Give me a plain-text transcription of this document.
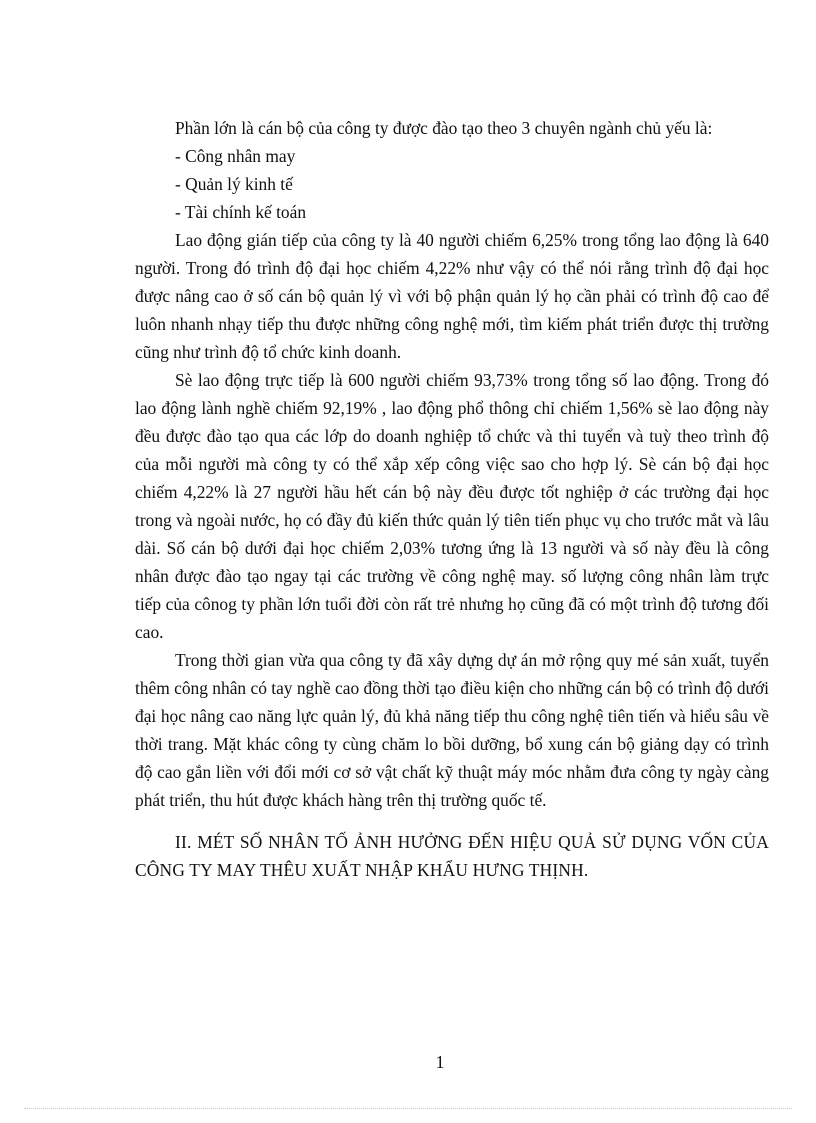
Phần lớn là cán bộ của công ty được đào tạo theo 3 chuyên ngành chủ yếu là:

- Công nhân may

- Quản lý kinh tế

- Tài chính kế toán

Lao động gián tiếp của công ty là 40 người chiếm 6,25% trong tổng lao động là 640 người. Trong đó trình độ đại học chiếm 4,22% như vậy có thể nói rằng trình độ đại học được nâng cao ở số cán bộ quản lý vì với bộ phận quản lý họ cần phải có trình độ cao để luôn nhanh nhạy tiếp thu được những công nghệ mới, tìm kiếm phát triển được thị trường cũng như trình độ tổ chức kinh doanh.

Sè lao động trực tiếp là 600 người chiếm 93,73% trong tổng số lao động. Trong đó lao động lành nghề chiếm 92,19% , lao động phổ thông chỉ chiếm 1,56% sè lao động này đều được đào tạo qua các lớp do doanh nghiệp tổ chức và thi tuyển và tuỳ theo trình độ của mỗi người mà công ty có thể xắp xếp công việc sao cho hợp lý. Sè cán bộ đại học chiếm 4,22% là 27 người hầu hết cán bộ này đều được tốt nghiệp ở các trường đại học trong và ngoài nước, họ có đầy đủ kiến thức quản lý tiên tiến phục vụ cho trước mắt và lâu dài. Số cán bộ dưới đại học chiếm 2,03% tương ứng là 13 người và số này đều là công nhân được đào tạo ngay tại các trường về công nghệ may. số lượng công nhân làm trực tiếp của cônog ty phần lớn tuổi đời còn rất trẻ nhưng họ cũng đã có một trình độ tương đối cao.

Trong thời gian vừa qua công ty đã xây dựng dự án mở rộng quy mé sản xuất, tuyển thêm công nhân có tay nghề cao đồng thời tạo điều kiện cho những cán bộ có trình độ dưới đại học nâng cao năng lực quản lý, đủ khả năng tiếp thu công nghệ tiên tiến và hiểu sâu về thời trang. Mặt khác công ty cùng chăm lo bồi dưỡng, bổ xung cán bộ giảng dạy có trình độ cao gắn liền với đổi mới cơ sở vật chất kỹ thuật máy móc nhằm đưa công ty ngày càng phát triển, thu hút được khách hàng trên thị trường quốc tế.

II. MÉT SỐ NHÂN TỐ ẢNH HƯỞNG ĐẾN HIỆU QUẢ SỬ DỤNG VỐN CỦA CÔNG TY MAY THÊU XUẤT NHẬP KHẨU HƯNG THỊNH.

1
